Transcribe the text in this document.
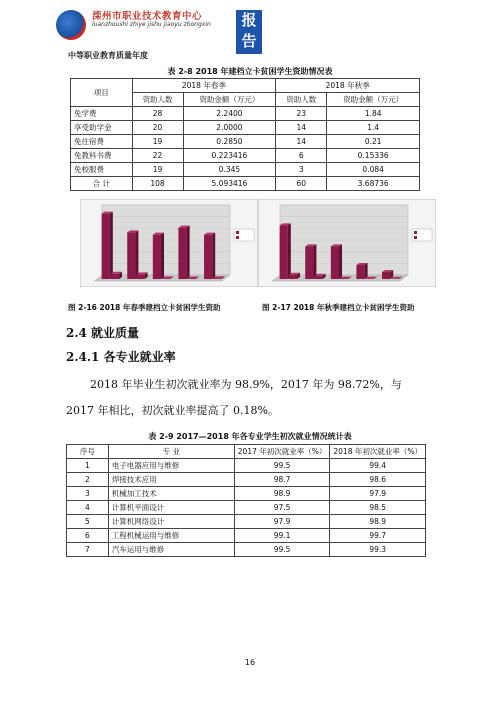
滦州市职业技术教育中心
luanzhoushi zhiye jishu jiaoyu zhongxin
中等职业教育质量年度
报告
表 2-8 2018 年建档立卡贫困学生资助情况表
项目	2018 年春季		2018 年秋季	
	资助人数	资助金额（万元）	资助人数	资助金额（万元）
免学费	28	2.2400	23	1.84
享受助学金	20	2.0000	14	1.4
免住宿费	19	0.2850	14	0.21
免教科书费	22	0.223416	6	0.15336
免校服费	19	0.345	3	0.084
合 计	108	5.093416	60	3.68736
图 2-16 2018 年春季建档立卡贫困学生资助	图 2-17 2018 年秋季建档立卡贫困学生资助
2.4 就业质量
2.4.1 各专业就业率
2018 年毕业生初次就业率为 98.9%，2017 年为 98.72%，与
2017 年相比，初次就业率提高了 0.18%。
表 2-9 2017—2018 年各专业学生初次就业情况统计表
序号	专 业	2017 年初次就业率（%）	2018 年初次就业率（%）
1	电子电器应用与维修	99.5	99.4
2	焊接技术应用	98.7	98.6
3	机械加工技术	98.9	97.9
4	计算机平面设计	97.5	98.5
5	计算机网络设计	97.9	98.9
6	工程机械运用与维修	99.1	99.7
7	汽车运用与维修	99.5	99.3
16
